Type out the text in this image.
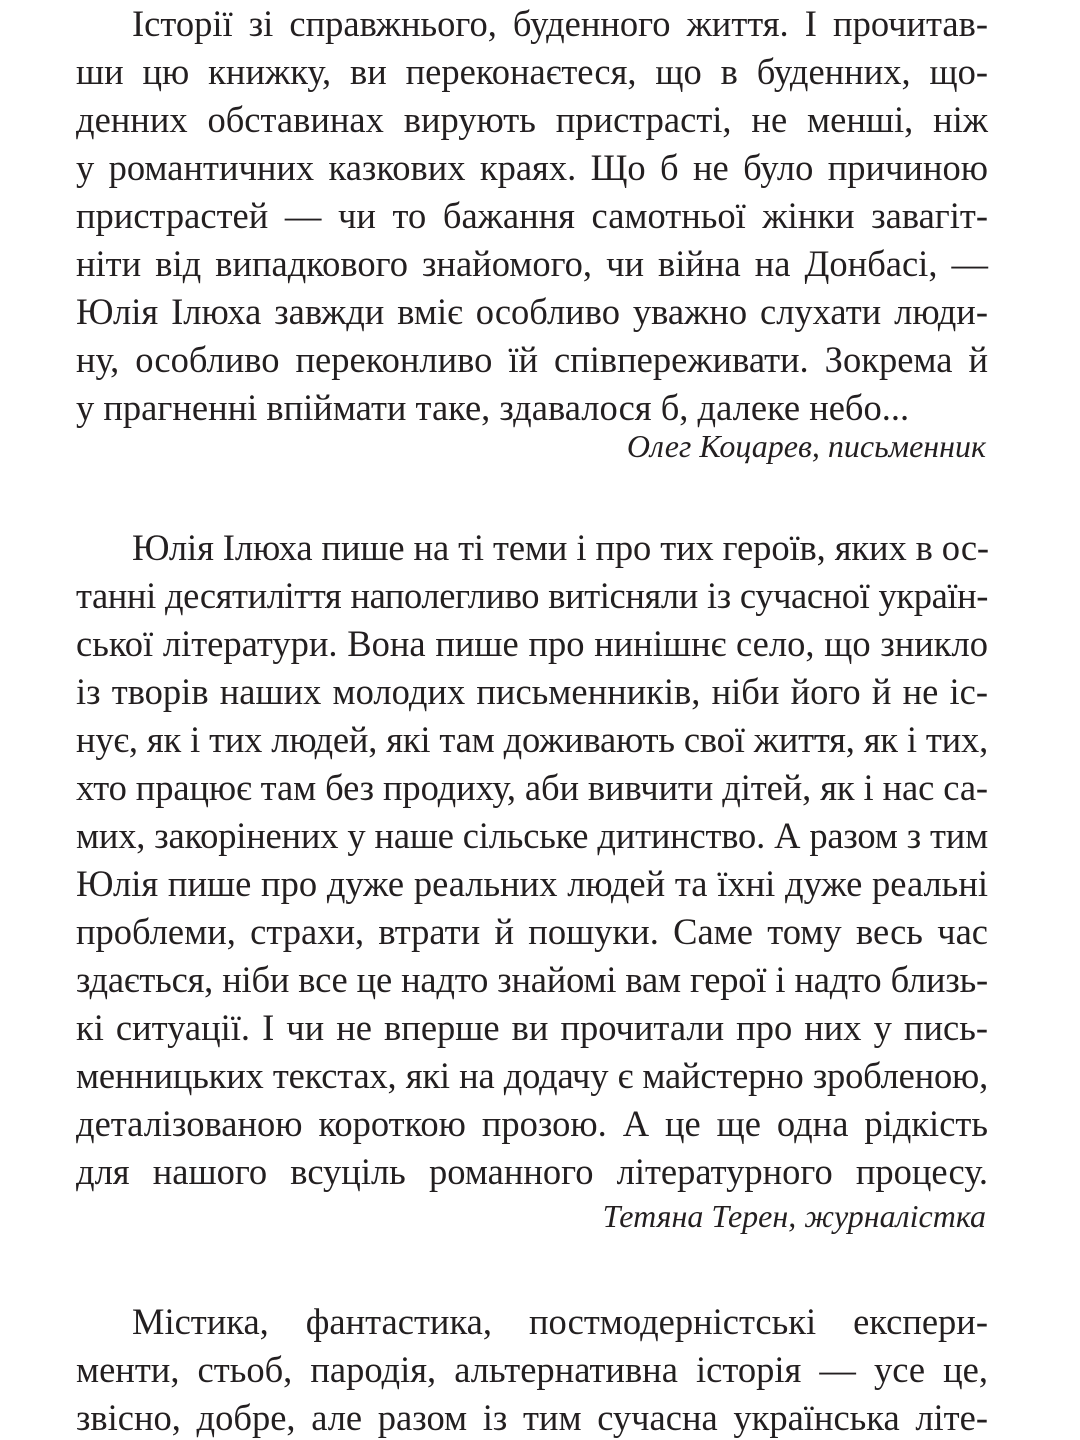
Історії зі справжнього, буденного життя. І прочитав-
ши цю книжку, ви переконаєтеся, що в буденних, що-
денних обставинах вирують пристрасті, не менші, ніж
у романтичних казкових краях. Що б не було причиною
пристрастей — чи то бажання самотньої жінки завагіт-
ніти від випадкового знайомого, чи війна на Донбасі, —
Юлія Ілюха завжди вміє особливо уважно слухати люди-
ну, особливо переконливо їй співпереживати. Зокрема й
у прагненні впіймати таке, здавалося б, далеке небо...
Олег Коцарев, письменник
Юлія Ілюха пише на ті теми і про тих героїв, яких в ос-
танні десятиліття наполегливо витісняли із сучасної україн-
ської літератури. Вона пише про нинішнє село, що зникло
із творів наших молодих письменників, ніби його й не іс-
нує, як і тих людей, які там доживають свої життя, як і тих,
хто працює там без продиху, аби вивчити дітей, як і нас са-
мих, закорінених у наше сільське дитинство. А разом з тим
Юлія пише про дуже реальних людей та їхні дуже реальні
проблеми, страхи, втрати й пошуки. Саме тому весь час
здається, ніби все це надто знайомі вам герої і надто близь-
кі ситуації. І чи не вперше ви прочитали про них у пись-
менницьких текстах, які на додачу є майстерно зробленою,
деталізованою короткою прозою. А це ще одна рідкість
для нашого всуціль романного літературного процесу.
Тетяна Терен, журналістка
Містика, фантастика, постмодерністські експери-
менти, стьоб, пародія, альтернативна історія — усе це,
звісно, добре, але разом із тим сучасна українська літе-
